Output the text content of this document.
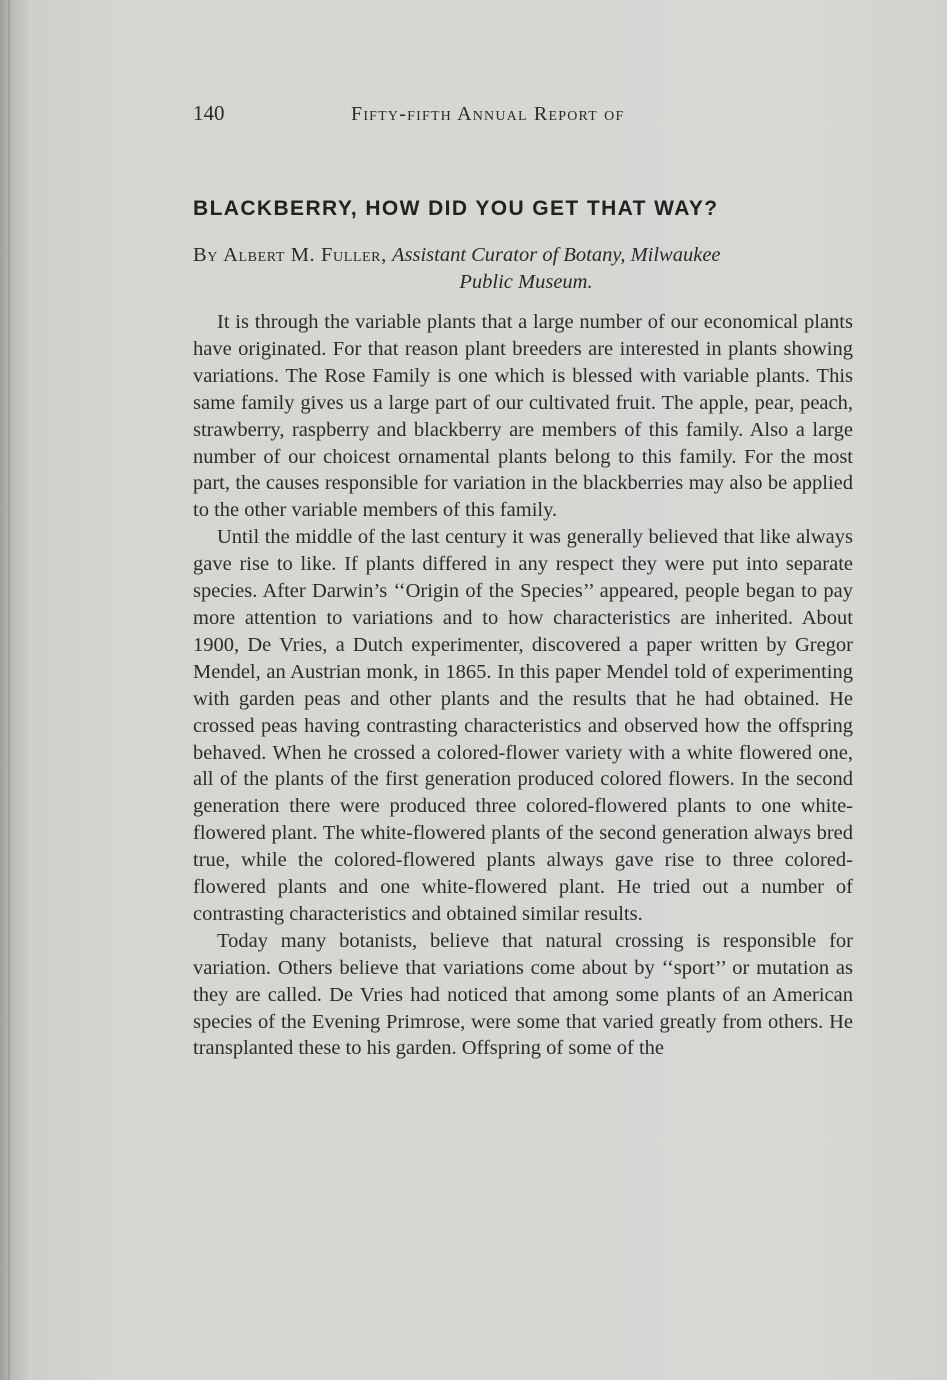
140	Fifty-fifth Annual Report of
BLACKBERRY, HOW DID YOU GET THAT WAY?
By Albert M. Fuller, Assistant Curator of Botany, Milwaukee
Public Museum.

It is through the variable plants that a large number of our economical plants have originated. For that reason plant breeders are interested in plants showing variations. The Rose Family is one which is blessed with variable plants. This same family gives us a large part of our cultivated fruit. The apple, pear, peach, strawberry, raspberry and blackberry are members of this family. Also a large number of our choicest ornamental plants belong to this family. For the most part, the causes responsible for variation in the blackberries may also be applied to the other variable members of this family.

Until the middle of the last century it was generally believed that like always gave rise to like. If plants differed in any respect they were put into separate species. After Darwin’s ‘‘Origin of the Species’’ appeared, people began to pay more attention to variations and to how characteristics are inherited. About 1900, De Vries, a Dutch experimenter, discovered a paper written by Gregor Mendel, an Austrian monk, in 1865. In this paper Mendel told of experimenting with garden peas and other plants and the results that he had obtained. He crossed peas having contrasting characteristics and observed how the offspring behaved. When he crossed a colored-flower variety with a white flowered one, all of the plants of the first generation produced colored flowers. In the second generation there were produced three colored-flowered plants to one white-flowered plant. The white-flowered plants of the second generation always bred true, while the colored-flowered plants always gave rise to three colored-flowered plants and one white-flowered plant. He tried out a number of contrasting characteristics and obtained similar results.

Today many botanists, believe that natural crossing is responsible for variation. Others believe that variations come about by ‘‘sport’’ or mutation as they are called. De Vries had noticed that among some plants of an American species of the Evening Primrose, were some that varied greatly from others. He transplanted these to his garden. Offspring of some of the
